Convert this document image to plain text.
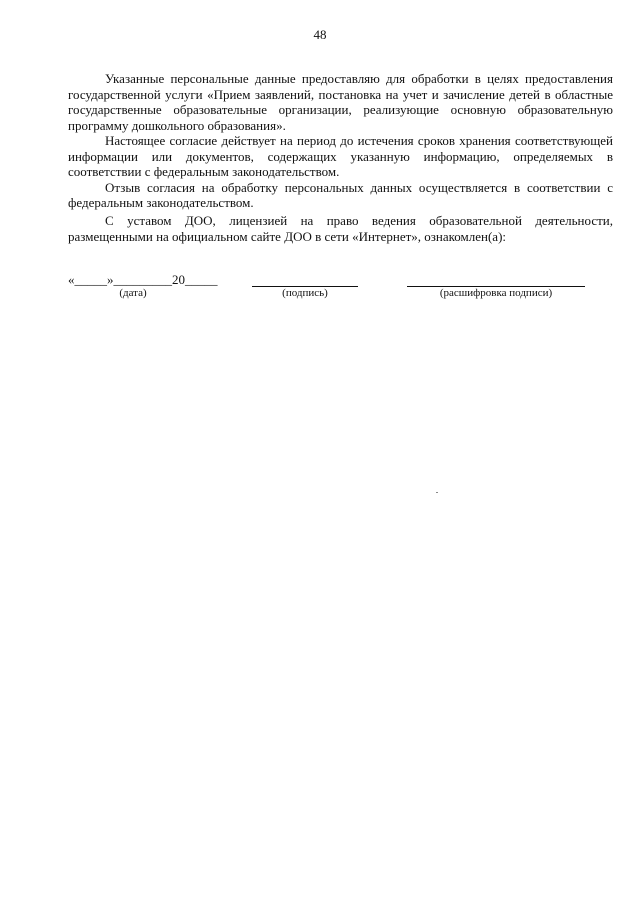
48

Указанные персональные данные предоставляю для обработки в целях предоставления государственной услуги «Прием заявлений, постановка на учет и зачисление детей в областные государственные образовательные организации, реализующие основную образовательную программу дошкольного образования».

Настоящее согласие действует на период до истечения сроков хранения соответствующей информации или документов, содержащих указанную информацию, определяемых в соответствии с федеральным законодательством.

Отзыв согласия на обработку персональных данных осуществляется в соответствии с федеральным законодательством.

С уставом ДОО, лицензией на право ведения образовательной деятельности, размещенными на официальном сайте ДОО в сети «Интернет», ознакомлен(а):

«_____»_________20_____
(дата)	(подпись)	(расшифровка подписи)
